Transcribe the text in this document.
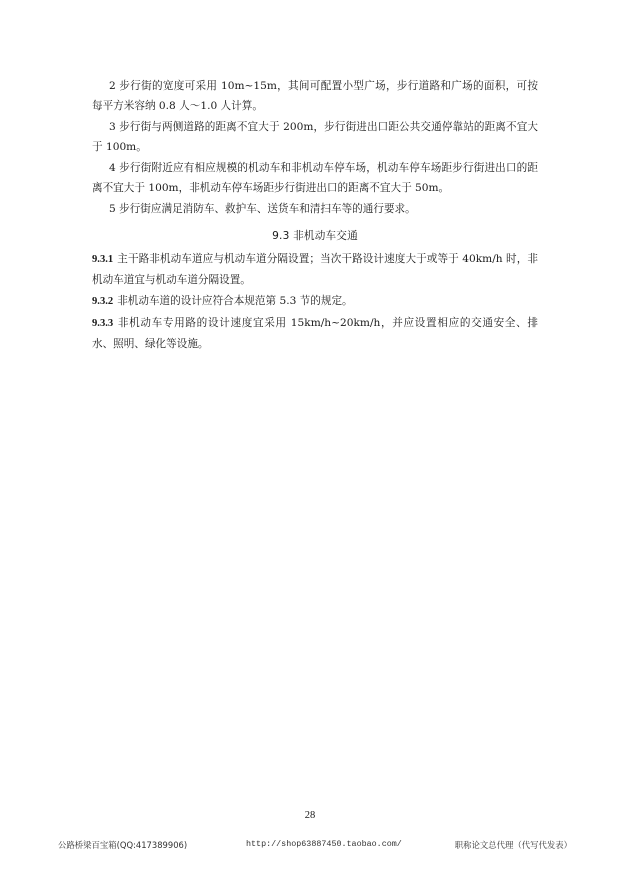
2 步行街的宽度可采用 10m~15m，其间可配置小型广场，步行道路和广场的面积，可按每平方米容纳 0.8 人～1.0 人计算。

3 步行街与两侧道路的距离不宜大于 200m，步行街进出口距公共交通停靠站的距离不宜大于 100m。

4 步行街附近应有相应规模的机动车和非机动车停车场，机动车停车场距步行街进出口的距离不宜大于 100m，非机动车停车场距步行街进出口的距离不宜大于 50m。

5 步行街应满足消防车、救护车、送货车和清扫车等的通行要求。

9.3 非机动车交通

9.3.1 主干路非机动车道应与机动车道分隔设置；当次干路设计速度大于或等于 40km/h 时，非机动车道宜与机动车道分隔设置。

9.3.2 非机动车道的设计应符合本规范第 5.3 节的规定。

9.3.3 非机动车专用路的设计速度宜采用 15km/h~20km/h，并应设置相应的交通安全、排水、照明、绿化等设施。

28
公路桥梁百宝箱(QQ:417389906)	http://shop63887450.taobao.com/	职称论文总代理（代写代发表）
